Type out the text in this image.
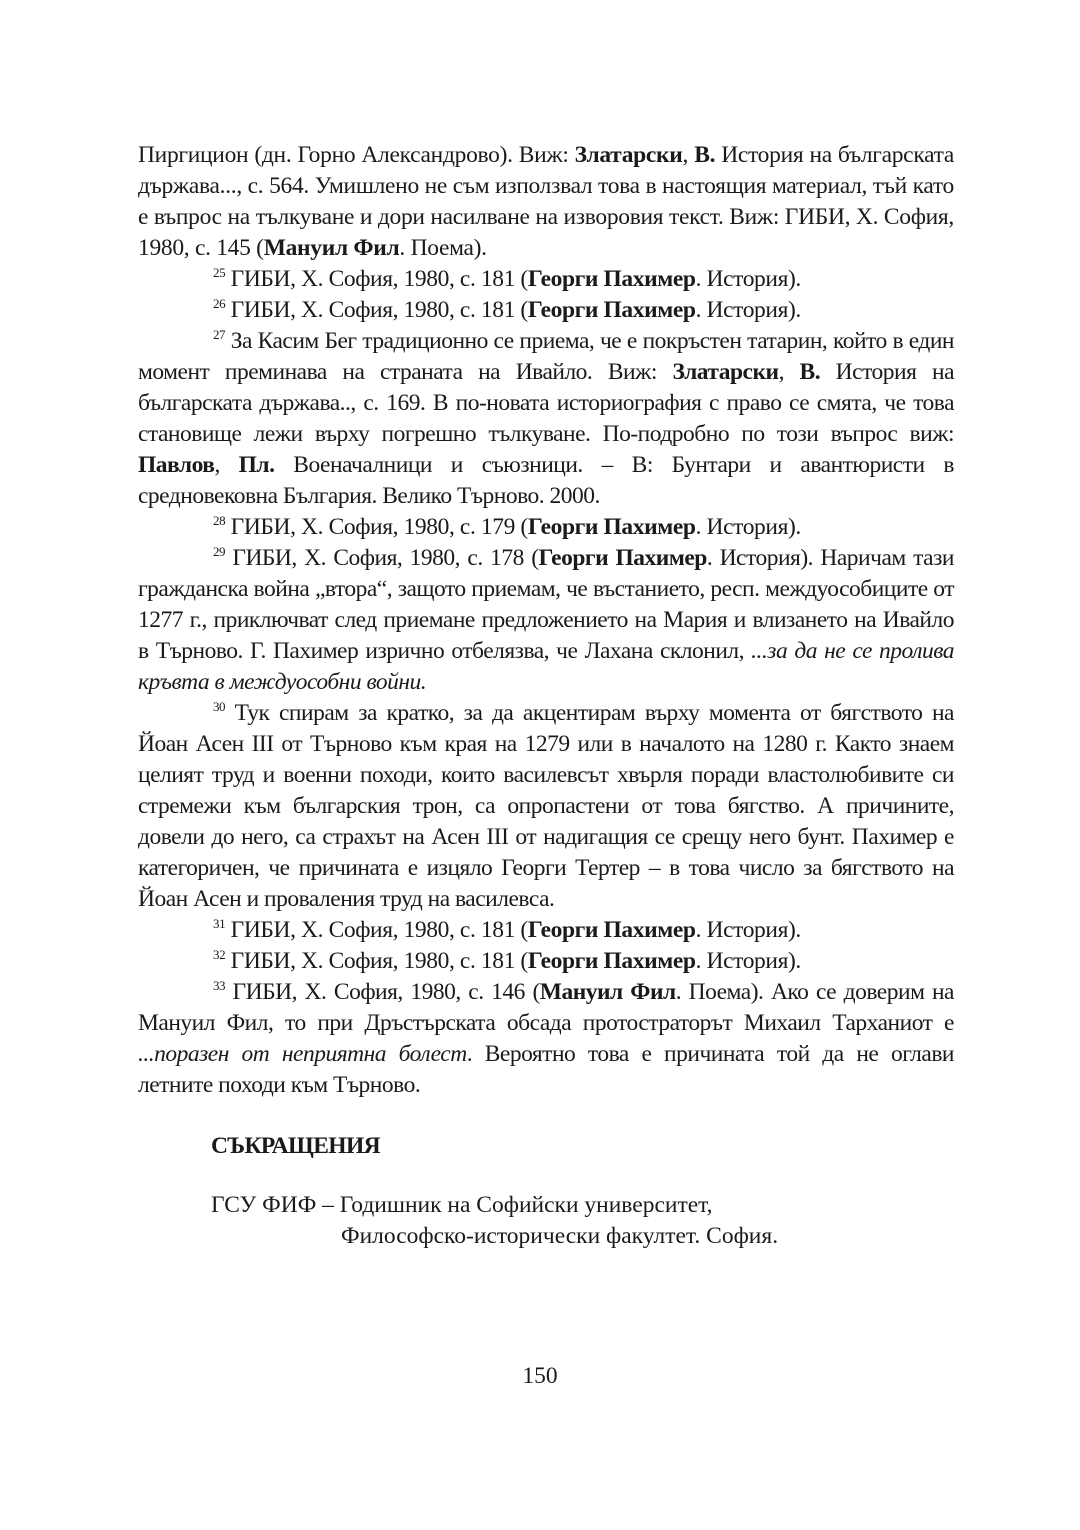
Пиргицион (дн. Горно Александрово). Виж: Златарски, В. История на българската държава..., с. 564. Умишлено не съм използвал това в настоящия материал, тъй като е въпрос на тълкуване и дори насилване на изворовия текст. Виж: ГИБИ, Х. София, 1980, с. 145 (Мануил Фил. Поема).

$^{25}$ ГИБИ, Х. София, 1980, с. 181 (Георги Пахимер. История).

$^{26}$ ГИБИ, Х. София, 1980, с. 181 (Георги Пахимер. История).

$^{27}$ За Касим Бег традиционно се приема, че е покръстен татарин, който в един момент преминава на страната на Ивайло. Виж: Златарски, В. История на българската държава.., с. 169. В по-новата историография с право се смята, че това становище лежи върху погрешно тълкуване. По-подробно по този въпрос виж: Павлов, Пл. Военачалници и съюзници. – В: Бунтари и авантюристи в средновековна България. Велико Търново. 2000.

$^{28}$ ГИБИ, Х. София, 1980, с. 179 (Георги Пахимер. История).

$^{29}$ ГИБИ, Х. София, 1980, с. 178 (Георги Пахимер. История). Наричам тази гражданска война „втора“, защото приемам, че въстанието, респ. междуособиците от 1277 г., приключват след приемане предложението на Мария и влизането на Ивайло в Търново. Г. Пахимер изрично отбелязва, че Лахана склонил, ...за да не се пролива кръвта в междуособни войни.

$^{30}$ Тук спирам за кратко, за да акцентирам върху момента от бягството на Йоан Асен III от Търново към края на 1279 или в началото на 1280 г. Както знаем целият труд и военни походи, които василевсът хвърля поради властолюбивите си стремежи към българския трон, са опропастени от това бягство. А причините, довели до него, са страхът на Асен III от надигащия се срещу него бунт. Пахимер е категоричен, че причината е изцяло Георги Тертер – в това число за бягството на Йоан Асен и проваления труд на василевса.

$^{31}$ ГИБИ, Х. София, 1980, с. 181 (Георги Пахимер. История).

$^{32}$ ГИБИ, Х. София, 1980, с. 181 (Георги Пахимер. История).

$^{33}$ ГИБИ, Х. София, 1980, с. 146 (Мануил Фил. Поема). Ако се доверим на Мануил Фил, то при Дръстърската обсада протостраторът Михаил Тарханиот е ...поразен от неприятна болест. Вероятно това е причината той да не оглави летните походи към Търново.

СЪКРАЩЕНИЯ
ГСУ ФИФ – Годишник на Софийски университет,
Философско-исторически факултет. София.
150
